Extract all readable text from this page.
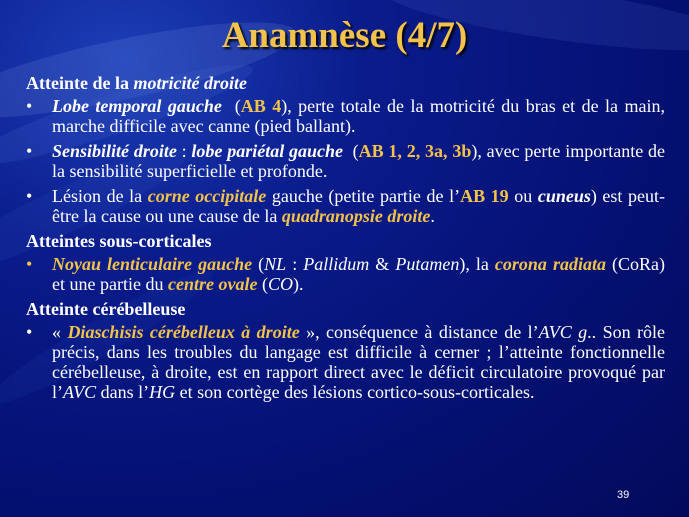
Anamnèse (4/7)
Atteinte de la motricité droite
• Lobe temporal gauche  (AB 4), perte totale de la motricité du bras et de la main, marche difficile avec canne (pied ballant).
• Sensibilité droite : lobe pariétal gauche  (AB 1, 2, 3a, 3b), avec perte importante de la sensibilité superficielle et profonde.
• Lésion de la corne occipitale gauche (petite partie de l’AB 19 ou cuneus) est peut-être la cause ou une cause de la quadranopsie droite.
Atteintes sous-corticales
• Noyau lenticulaire gauche (NL : Pallidum & Putamen), la corona radiata (CoRa) et une partie du centre ovale (CO).
Atteinte cérébelleuse
• « Diaschisis cérébelleux à droite », conséquence à distance de l’AVC g.. Son rôle précis, dans les troubles du langage est difficile à cerner ; l’atteinte fonctionnelle cérébelleuse, à droite, est en rapport direct avec le déficit circulatoire provoqué par l’AVC dans l’HG et son cortège des lésions cortico-sous-corticales.
39
